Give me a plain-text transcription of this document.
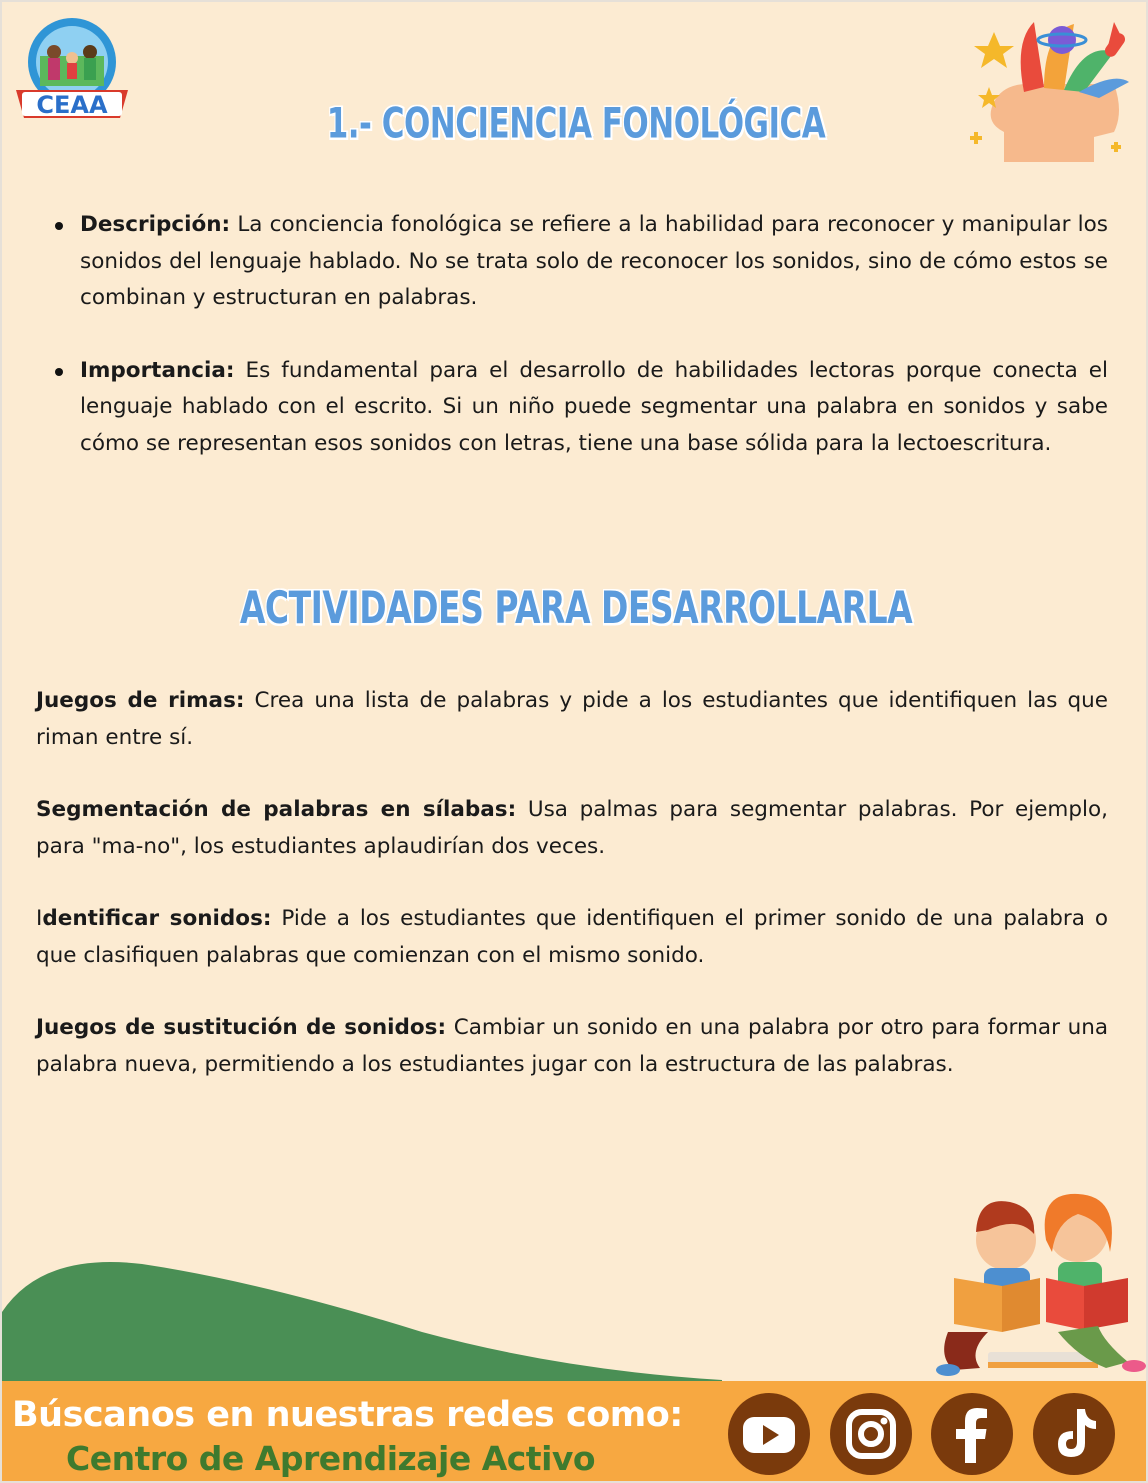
CEAA	1.- CONCIENCIA FONOLÓGICA

Descripción: La conciencia fonológica se refiere a la habilidad para reconocer y manipular los sonidos del lenguaje hablado. No se trata solo de reconocer los sonidos, sino de cómo estos se combinan y estructuran en palabras.

Importancia: Es fundamental para el desarrollo de habilidades lectoras porque conecta el lenguaje hablado con el escrito. Si un niño puede segmentar una palabra en sonidos y sabe cómo se representan esos sonidos con letras, tiene una base sólida para la lectoescritura.

ACTIVIDADES PARA DESARROLLARLA

Juegos de rimas: Crea una lista de palabras y pide a los estudiantes que identifiquen las que riman entre sí.

Segmentación de palabras en sílabas: Usa palmas para segmentar palabras. Por ejemplo, para "ma-no", los estudiantes aplaudirían dos veces.

Identificar sonidos: Pide a los estudiantes que identifiquen el primer sonido de una palabra o que clasifiquen palabras que comienzan con el mismo sonido.

Juegos de sustitución de sonidos: Cambiar un sonido en una palabra por otro para formar una palabra nueva, permitiendo a los estudiantes jugar con la estructura de las palabras.

Búscanos en nuestras redes como:
Centro de Aprendizaje Activo
